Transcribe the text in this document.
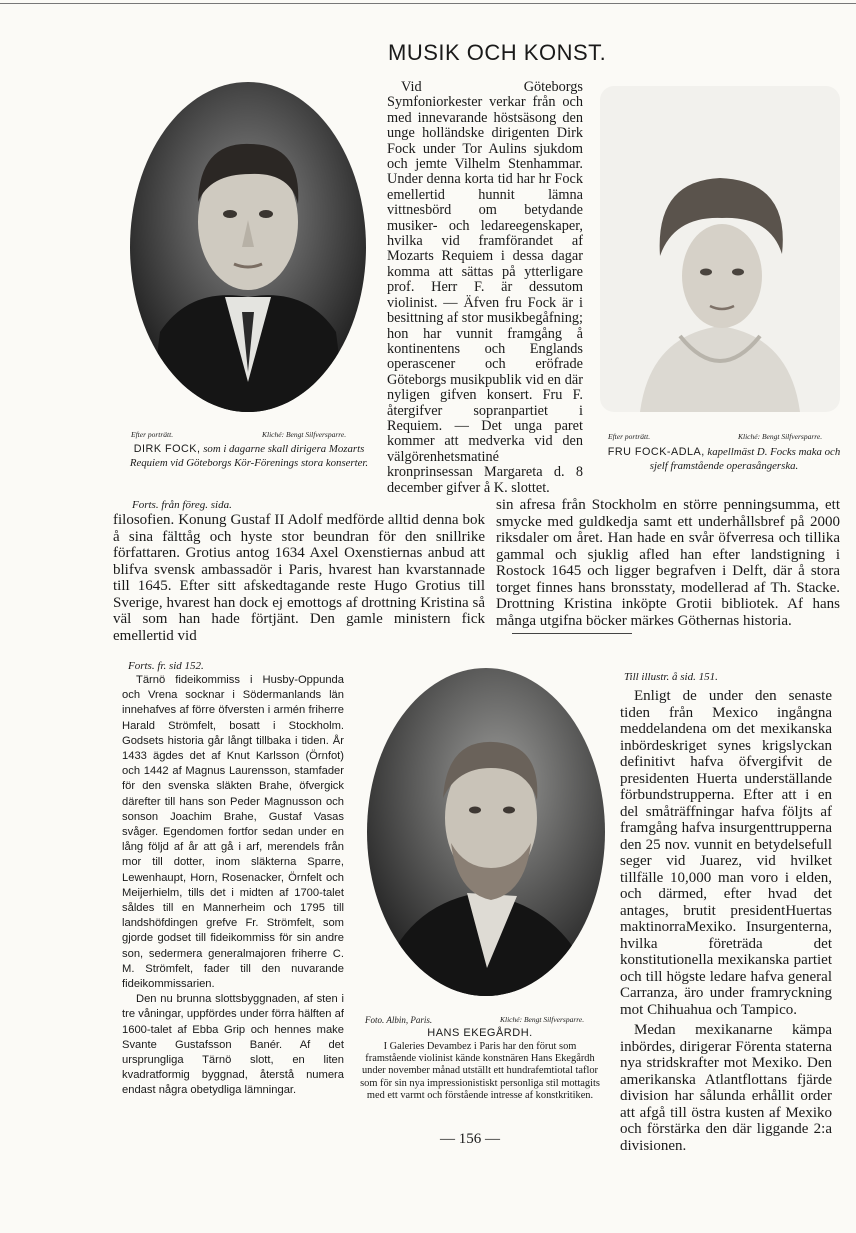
MUSIK OCH KONST.
Efter porträtt.	Kliché: Bengt Silfversparre.
DIRK FOCK, som i dagarne skall dirigera Mozarts Requiem vid Göteborgs Kör-Förenings stora konserter.

Vid Göteborgs Symfoniorkester verkar från och med innevarande höstsäsong den unge holländske dirigenten Dirk Fock under Tor Aulins sjukdom och jemte Vilhelm Stenhammar. Under denna korta tid har hr Fock emellertid hunnit lämna vittnesbörd om betydande musiker- och ledareegenskaper, hvilka vid framförandet af Mozarts Requiem i dessa dagar komma att sättas på ytterligare prof. Herr F. är dessutom violinist. — Äfven fru Fock är i besittning af stor musikbegåfning; hon har vunnit framgång å kontinentens och Englands operascener och eröfrade Göteborgs musikpublik vid en där nyligen gifven konsert. Fru F. återgifver sopranpartiet i Requiem. — Det unga paret kommer att medverka vid den välgörenhetsmatiné kronprinsessan Margareta d. 8 december gifver å K. slottet.

Efter porträtt.	Kliché: Bengt Silfversparre.
FRU FOCK-ADLA, kapellmäst D. Focks maka och sjelf framstående operasångerska.
Forts. från föreg. sida.

filosofien. Konung Gustaf II Adolf medförde alltid denna bok å sina fälttåg och hyste stor beundran för den snillrike författaren. Grotius antog 1634 Axel Oxenstiernas anbud att blifva svensk ambassadör i Paris, hvarest han kvarstannade till 1645. Efter sitt afskedtagande reste Hugo Grotius till Sverige, hvarest han dock ej emottogs af drottning Kristina så väl som han hade förtjänt. Den gamle ministern fick emellertid vid

sin afresa från Stockholm en större penningsumma, ett smycke med guldkedja samt ett underhållsbref på 2000 riksdaler om året. Han hade en svår öfverresa och tillika gammal och sjuklig afled han efter landstigning i Rostock 1645 och ligger begrafven i Delft, där å stora torget finnes hans bronsstaty, modellerad af Th. Stacke. Drottning Kristina inköpte Grotii bibliotek. Af hans många utgifna böcker märkes Göthernas historia.

Forts. fr. sid 152.

Tärnö fideikommiss i Husby-Oppunda och Vrena socknar i Södermanlands län innehafves af förre öfversten i armén friherre Harald Strömfelt, bosatt i Stockholm. Godsets historia går långt tillbaka i tiden. År 1433 ägdes det af Knut Karlsson (Örnfot) och 1442 af Magnus Laurensson, stamfader för den svenska släkten Brahe, öfvergick därefter till hans son Peder Magnusson och sonson Joachim Brahe, Gustaf Vasas svåger. Egendomen fortfor sedan under en lång följd af år att gå i arf, merendels från mor till dotter, inom släkterna Sparre, Lewenhaupt, Horn, Rosenacker, Örnfelt och Meijerhielm, tills det i midten af 1700-talet såldes till en Mannerheim och 1795 till landshöfdingen grefve Fr. Strömfelt, som gjorde godset till fideikommiss för sin andre son, sedermera generalmajoren friherre C. M. Strömfelt, fader till den nuvarande fideikommissarien.

Den nu brunna slottsbyggnaden, af sten i tre våningar, uppfördes under förra hälften af 1600-talet af Ebba Grip och hennes make Svante Gustafsson Banér. Af det ursprungliga Tärnö slott, en liten kvadratformig byggnad, återstå numera endast några obetydliga lämningar.

Foto. Albin, Paris.	Kliché: Bengt Silfversparre.
HANS EKEGÅRDH.
I Galeries Devambez i Paris har den förut som framstående violinist kände konstnären Hans Ekegårdh under november månad utställt ett hundrafemtiotal taflor som för sin nya impressionistiskt personliga stil mottagits med ett varmt och förstående intresse af konstkritiken.
Till illustr. å sid. 151.

Enligt de under den senaste tiden från Mexico ingångna meddelandena om det mexikanska inbördeskriget synes krigslyckan definitivt hafva öfvergifvit de presidenten Huerta underställande förbundstrupperna. Efter att i en del småträffningar hafva följts af framgång hafva insurgenttrupperna den 25 nov. vunnit en betydelsefull seger vid Juarez, vid hvilket tillfälle 10,000 man voro i elden, och därmed, efter hvad det antages, brutit presidentHuertas maktinorraMexiko. Insurgenterna, hvilka företräda det konstitutionella mexikanska partiet och till högste ledare hafva general Carranza, äro under framryckning mot Chihuahua och Tampico.

Medan mexikanarne kämpa inbördes, dirigerar Förenta staterna nya stridskrafter mot Mexiko. Den amerikanska Atlantflottans fjärde division har sålunda erhållit order att afgå till östra kusten af Mexiko och förstärka den där liggande 2:a divisionen.

— 156 —
